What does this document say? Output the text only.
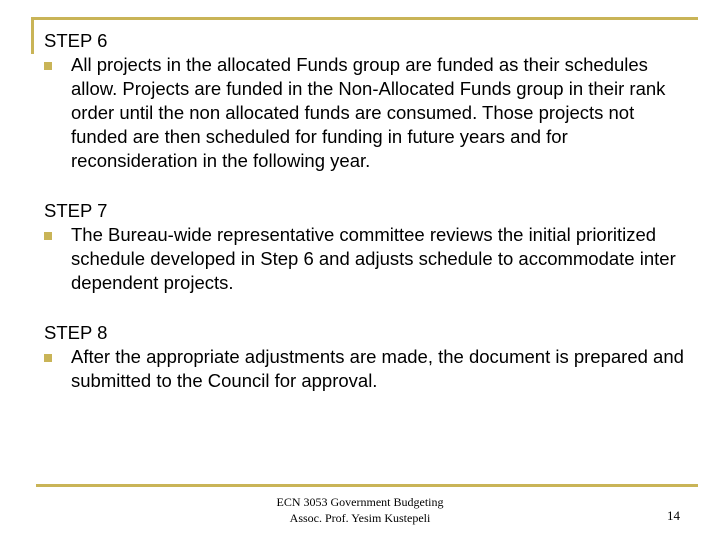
STEP 6
All projects in the allocated Funds group are funded as their schedules allow. Projects are funded in the Non-Allocated Funds group in their rank order until the non allocated funds are consumed. Those projects not funded are then scheduled for funding in future years and for reconsideration in the following year.
STEP 7
The Bureau-wide representative committee reviews the initial prioritized schedule developed in Step 6 and adjusts schedule to accommodate inter dependent projects.
STEP 8
After the appropriate adjustments are made, the document is prepared and submitted to the Council for approval.
ECN 3053 Government Budgeting
Assoc. Prof. Yesim Kustepeli	14
